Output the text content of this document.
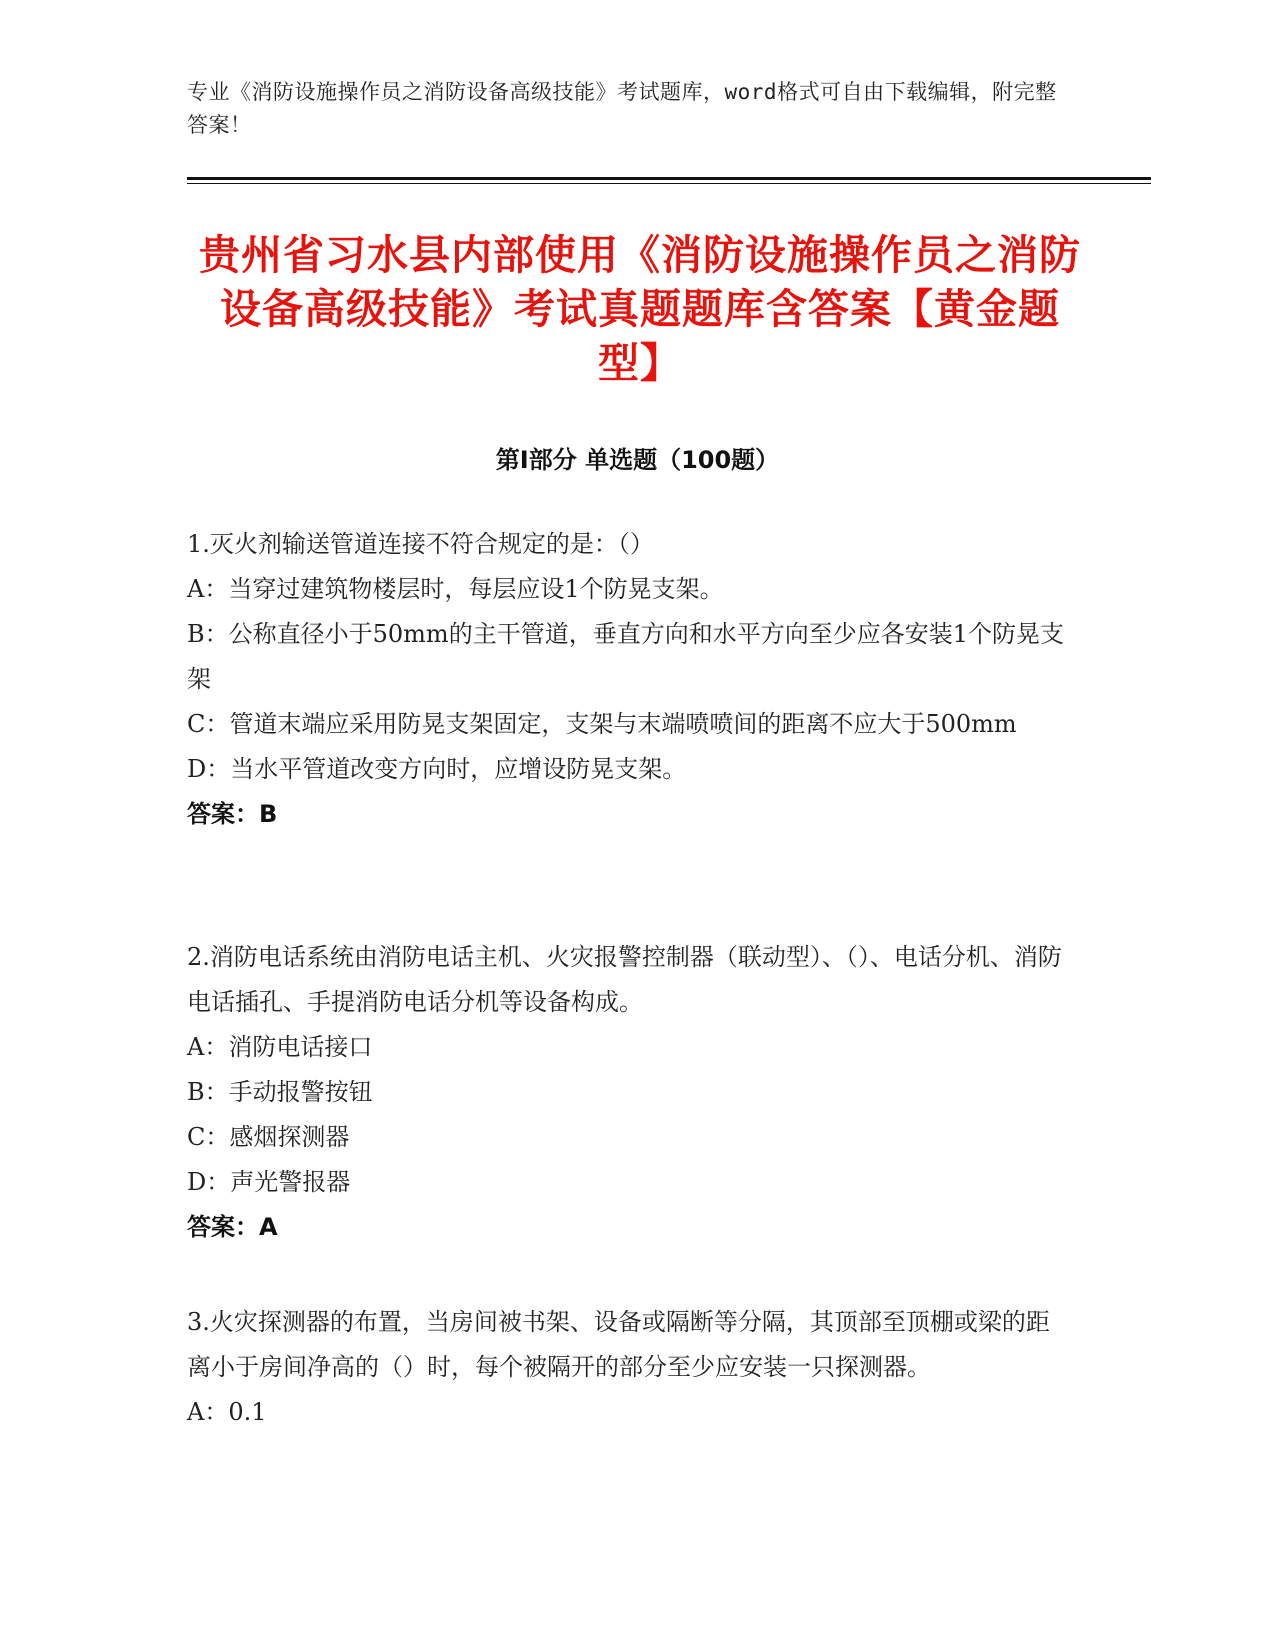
专业《消防设施操作员之消防设备高级技能》考试题库，word格式可自由下载编辑，附完整答案！
贵州省习水县内部使用《消防设施操作员之消防设备高级技能》考试真题题库含答案【黄金题型】
第Ⅰ部分 单选题（100题）
1.灭火剂输送管道连接不符合规定的是：（）
A：当穿过建筑物楼层时，每层应设1个防晃支架。
B：公称直径小于50mm的主干管道，垂直方向和水平方向至少应各安装1个防晃支架
C：管道末端应采用防晃支架固定，支架与末端喷喷间的距离不应大于500mm
D：当水平管道改变方向时，应增设防晃支架。
答案：B
2.消防电话系统由消防电话主机、火灾报警控制器（联动型）、（）、电话分机、消防电话插孔、手提消防电话分机等设备构成。
A：消防电话接口
B：手动报警按钮
C：感烟探测器
D：声光警报器
答案：A
3.火灾探测器的布置，当房间被书架、设备或隔断等分隔，其顶部至顶棚或梁的距离小于房间净高的（）时，每个被隔开的部分至少应安装一只探测器。
A：0.1
